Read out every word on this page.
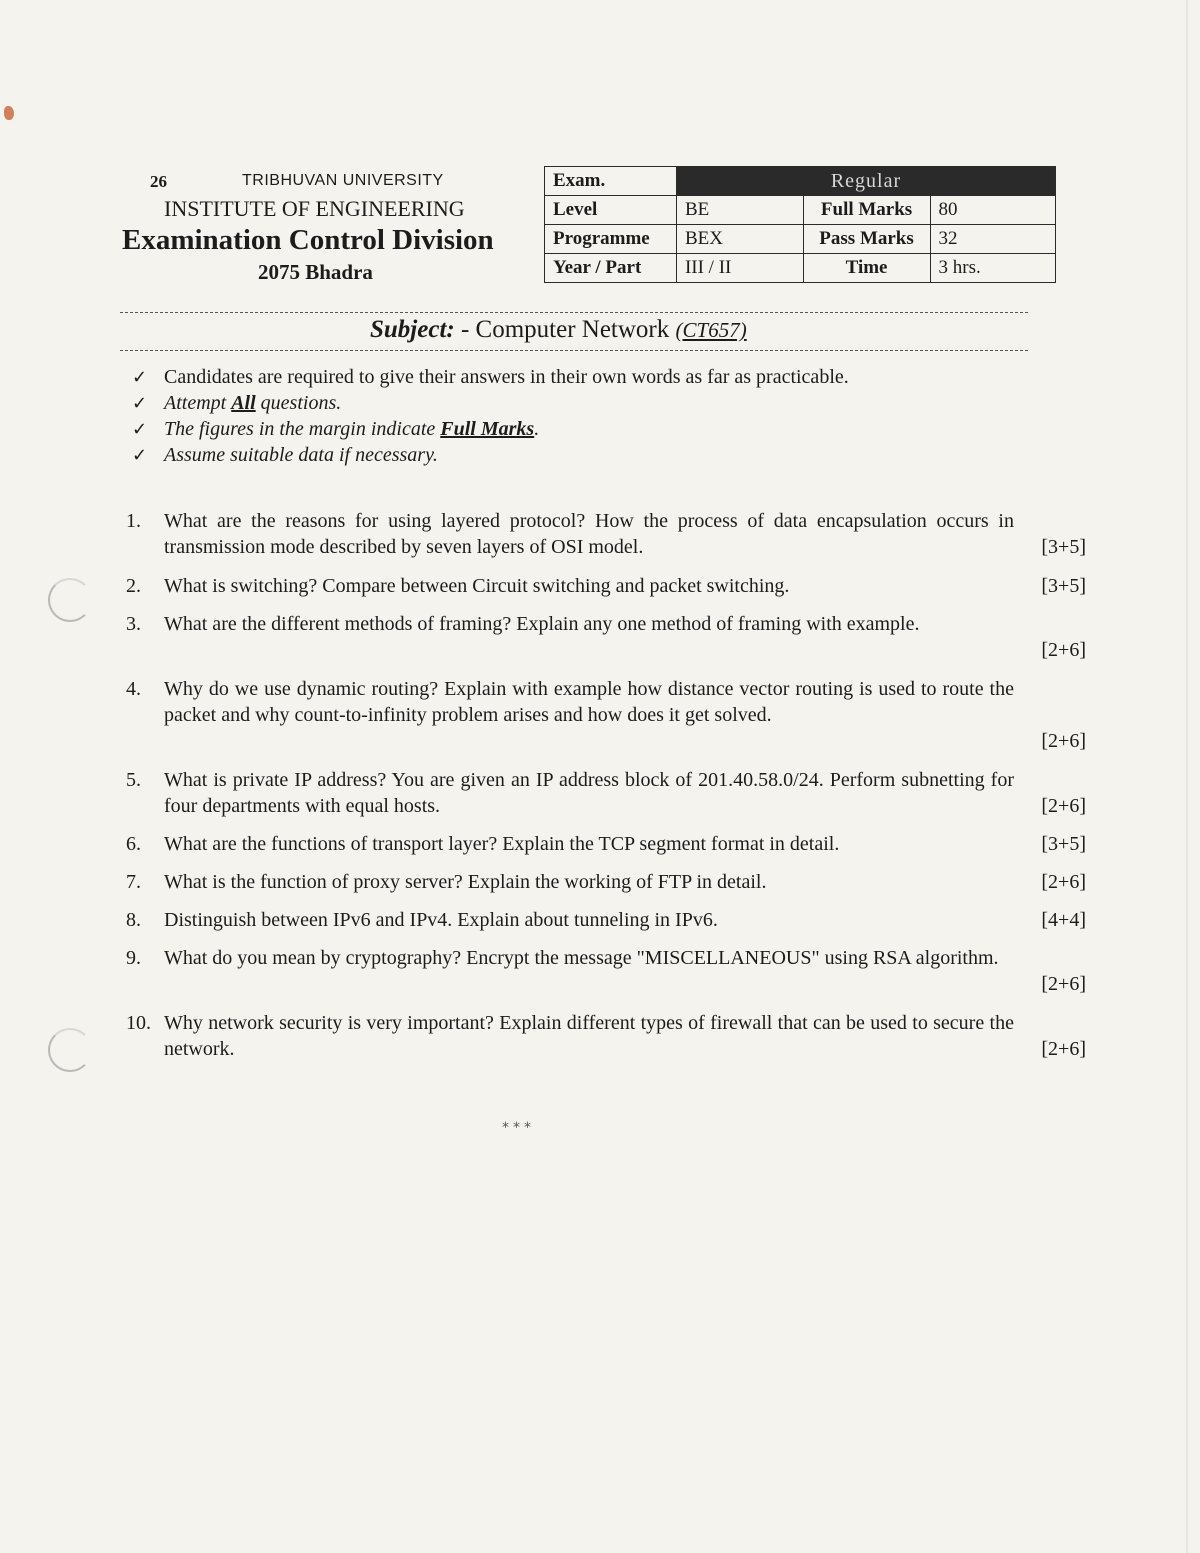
26	TRIBHUVAN UNIVERSITY
INSTITUTE OF ENGINEERING
Examination Control Division
2075 Bhadra
Exam.	Regular		
Level	BE	Full Marks	80
Programme	BEX	Pass Marks	32
Year / Part	III / II	Time	3 hrs.
Subject: - Computer Network (CT657)
✓ Candidates are required to give their answers in their own words as far as practicable.
✓ Attempt All questions.
✓ The figures in the margin indicate Full Marks.
✓ Assume suitable data if necessary.
1.	What are the reasons for using layered protocol? How the process of data encapsulation occurs in transmission mode described by seven layers of OSI model.	[3+5]
2.	What is switching? Compare between Circuit switching and packet switching.	[3+5]
3.	What are the different methods of framing? Explain any one method of framing with example.
[2+6]
4.	Why do we use dynamic routing? Explain with example how distance vector routing is used to route the packet and why count-to-infinity problem arises and how does it get solved.
[2+6]
5.	What is private IP address? You are given an IP address block of 201.40.58.0/24. Perform subnetting for four departments with equal hosts.	[2+6]
6.	What are the functions of transport layer? Explain the TCP segment format in detail.	[3+5]
7.	What is the function of proxy server? Explain the working of FTP in detail.	[2+6]
8.	Distinguish between IPv6 and IPv4. Explain about tunneling in IPv6.	[4+4]
9.	What do you mean by cryptography? Encrypt the message "MISCELLANEOUS" using RSA algorithm.
[2+6]
10. Why network security is very important? Explain different types of firewall that can be used to secure the network.	[2+6]
***
